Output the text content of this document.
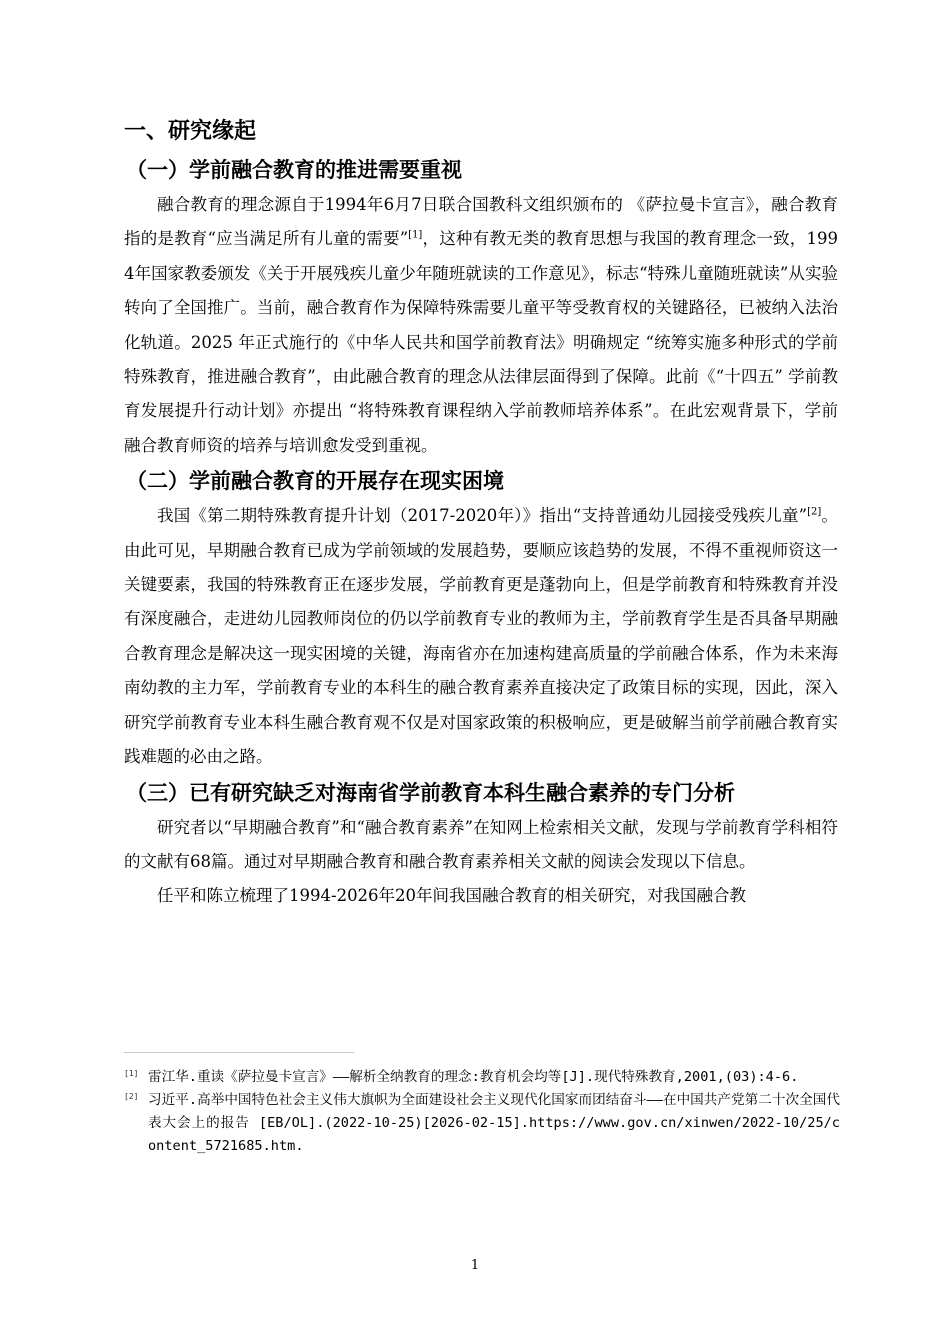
一、研究缘起
（一）学前融合教育的推进需要重视

融合教育的理念源自于1994年6月7日联合国教科文组织颁布的 《萨拉曼卡宣言》，融合教育指的是教育“应当满足所有儿童的需要”[1]，这种有教无类的教育思想与我国的教育理念一致，1994年国家教委颁发《关于开展残疾儿童少年随班就读的工作意见》，标志“特殊儿童随班就读”从实验转向了全国推广。当前，融合教育作为保障特殊需要儿童平等受教育权的关键路径，已被纳入法治化轨道。2025 年正式施行的《中华人民共和国学前教育法》明确规定 “统筹实施多种形式的学前特殊教育，推进融合教育”，由此融合教育的理念从法律层面得到了保障。此前《“十四五” 学前教育发展提升行动计划》亦提出 “将特殊教育课程纳入学前教师培养体系”。在此宏观背景下，学前融合教育师资的培养与培训愈发受到重视。

（二）学前融合教育的开展存在现实困境

我国《第二期特殊教育提升计划（2017-2020年）》指出“支持普通幼儿园接受残疾儿童”[2]。由此可见，早期融合教育已成为学前领域的发展趋势，要顺应该趋势的发展，不得不重视师资这一关键要素，我国的特殊教育正在逐步发展，学前教育更是蓬勃向上，但是学前教育和特殊教育并没有深度融合，走进幼儿园教师岗位的仍以学前教育专业的教师为主，学前教育学生是否具备早期融合教育理念是解决这一现实困境的关键，海南省亦在加速构建高质量的学前融合体系，作为未来海南幼教的主力军，学前教育专业的本科生的融合教育素养直接决定了政策目标的实现，因此，深入研究学前教育专业本科生融合教育观不仅是对国家政策的积极响应，更是破解当前学前融合教育实践难题的必由之路。

（三）已有研究缺乏对海南省学前教育本科生融合素养的专门分析

研究者以“早期融合教育”和“融合教育素养”在知网上检索相关文献，发现与学前教育学科相符的文献有68篇。通过对早期融合教育和融合教育素养相关文献的阅读会发现以下信息。

任平和陈立梳理了1994-2026年20年间我国融合教育的相关研究，对我国融合教

[1] 雷江华.重读《萨拉曼卡宣言》——解析全纳教育的理念:教育机会均等[J].现代特殊教育,2001,(03):4-6.
[2] 习近平.高举中国特色社会主义伟大旗帜为全面建设社会主义现代化国家而团结奋斗——在中国共产党第二十次全国代表大会上的报告 [EB/OL].(2022-10-25)[2026-02-15].https://www.gov.cn/xinwen/2022-10/25/content_5721685.htm.
1
